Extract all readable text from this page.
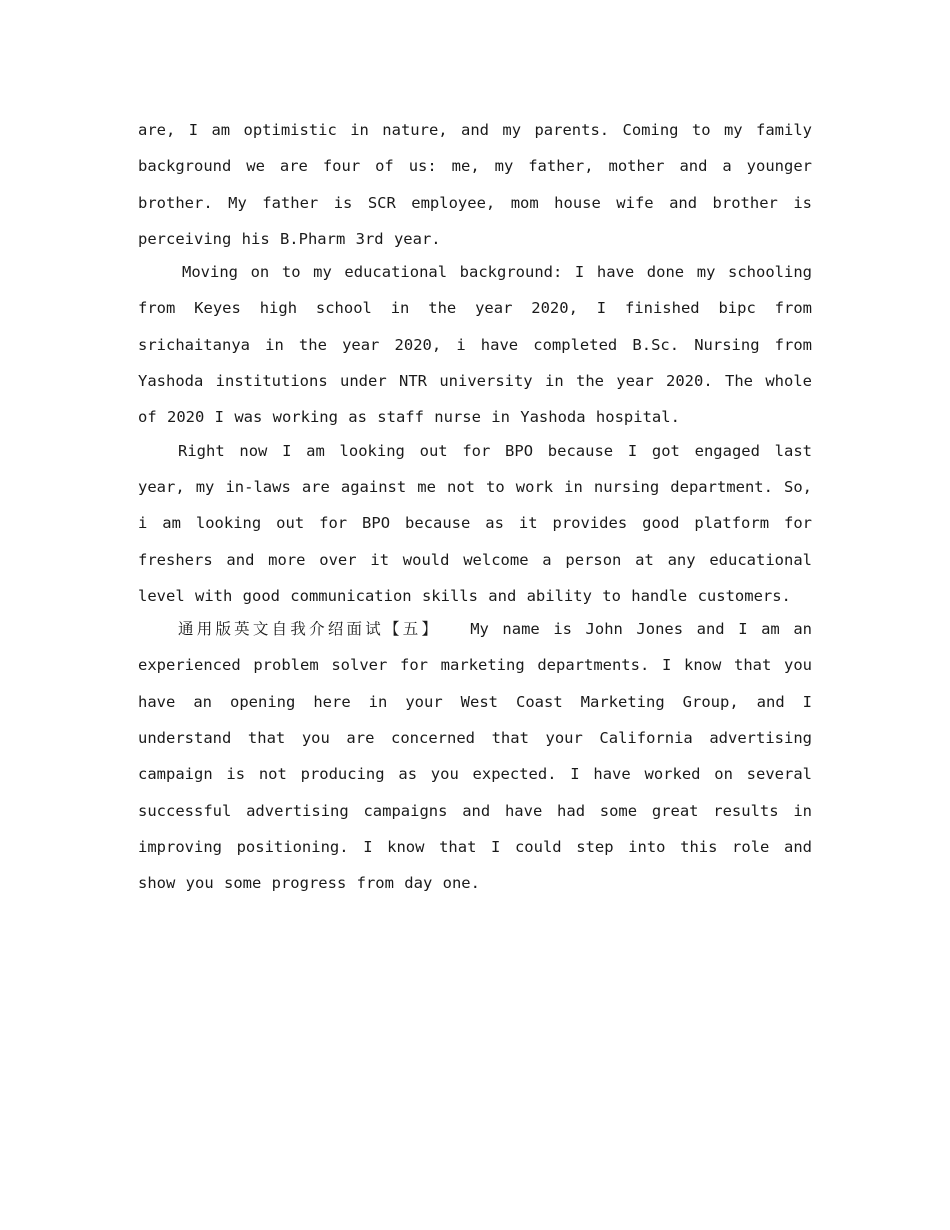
are, I am optimistic in nature, and my parents. Coming to my family background we are four of us: me, my father, mother and a younger brother. My father is SCR employee, mom house wife and brother is perceiving his B.Pharm 3rd year.

Moving on to my educational background: I have done my schooling from Keyes high school in the year 2020, I finished bipc from srichaitanya in the year 2020, i have completed B.Sc. Nursing from Yashoda institutions under NTR university in the year 2020. The whole of 2020 I was working as staff nurse in Yashoda hospital.

Right now I am looking out for BPO because I got engaged last year, my in-laws are against me not to work in nursing department. So, i am looking out for BPO because as it provides good platform for freshers and more over it would welcome a person at any educational level with good communication skills and ability to handle customers.

通用版英文自我介绍面试【五】 My name is John Jones and I am an experienced problem solver for marketing departments. I know that you have an opening here in your West Coast Marketing Group, and I understand that you are concerned that your California advertising campaign is not producing as you expected. I have worked on several successful advertising campaigns and have had some great results in improving positioning. I know that I could step into this role and show you some progress from day one.
